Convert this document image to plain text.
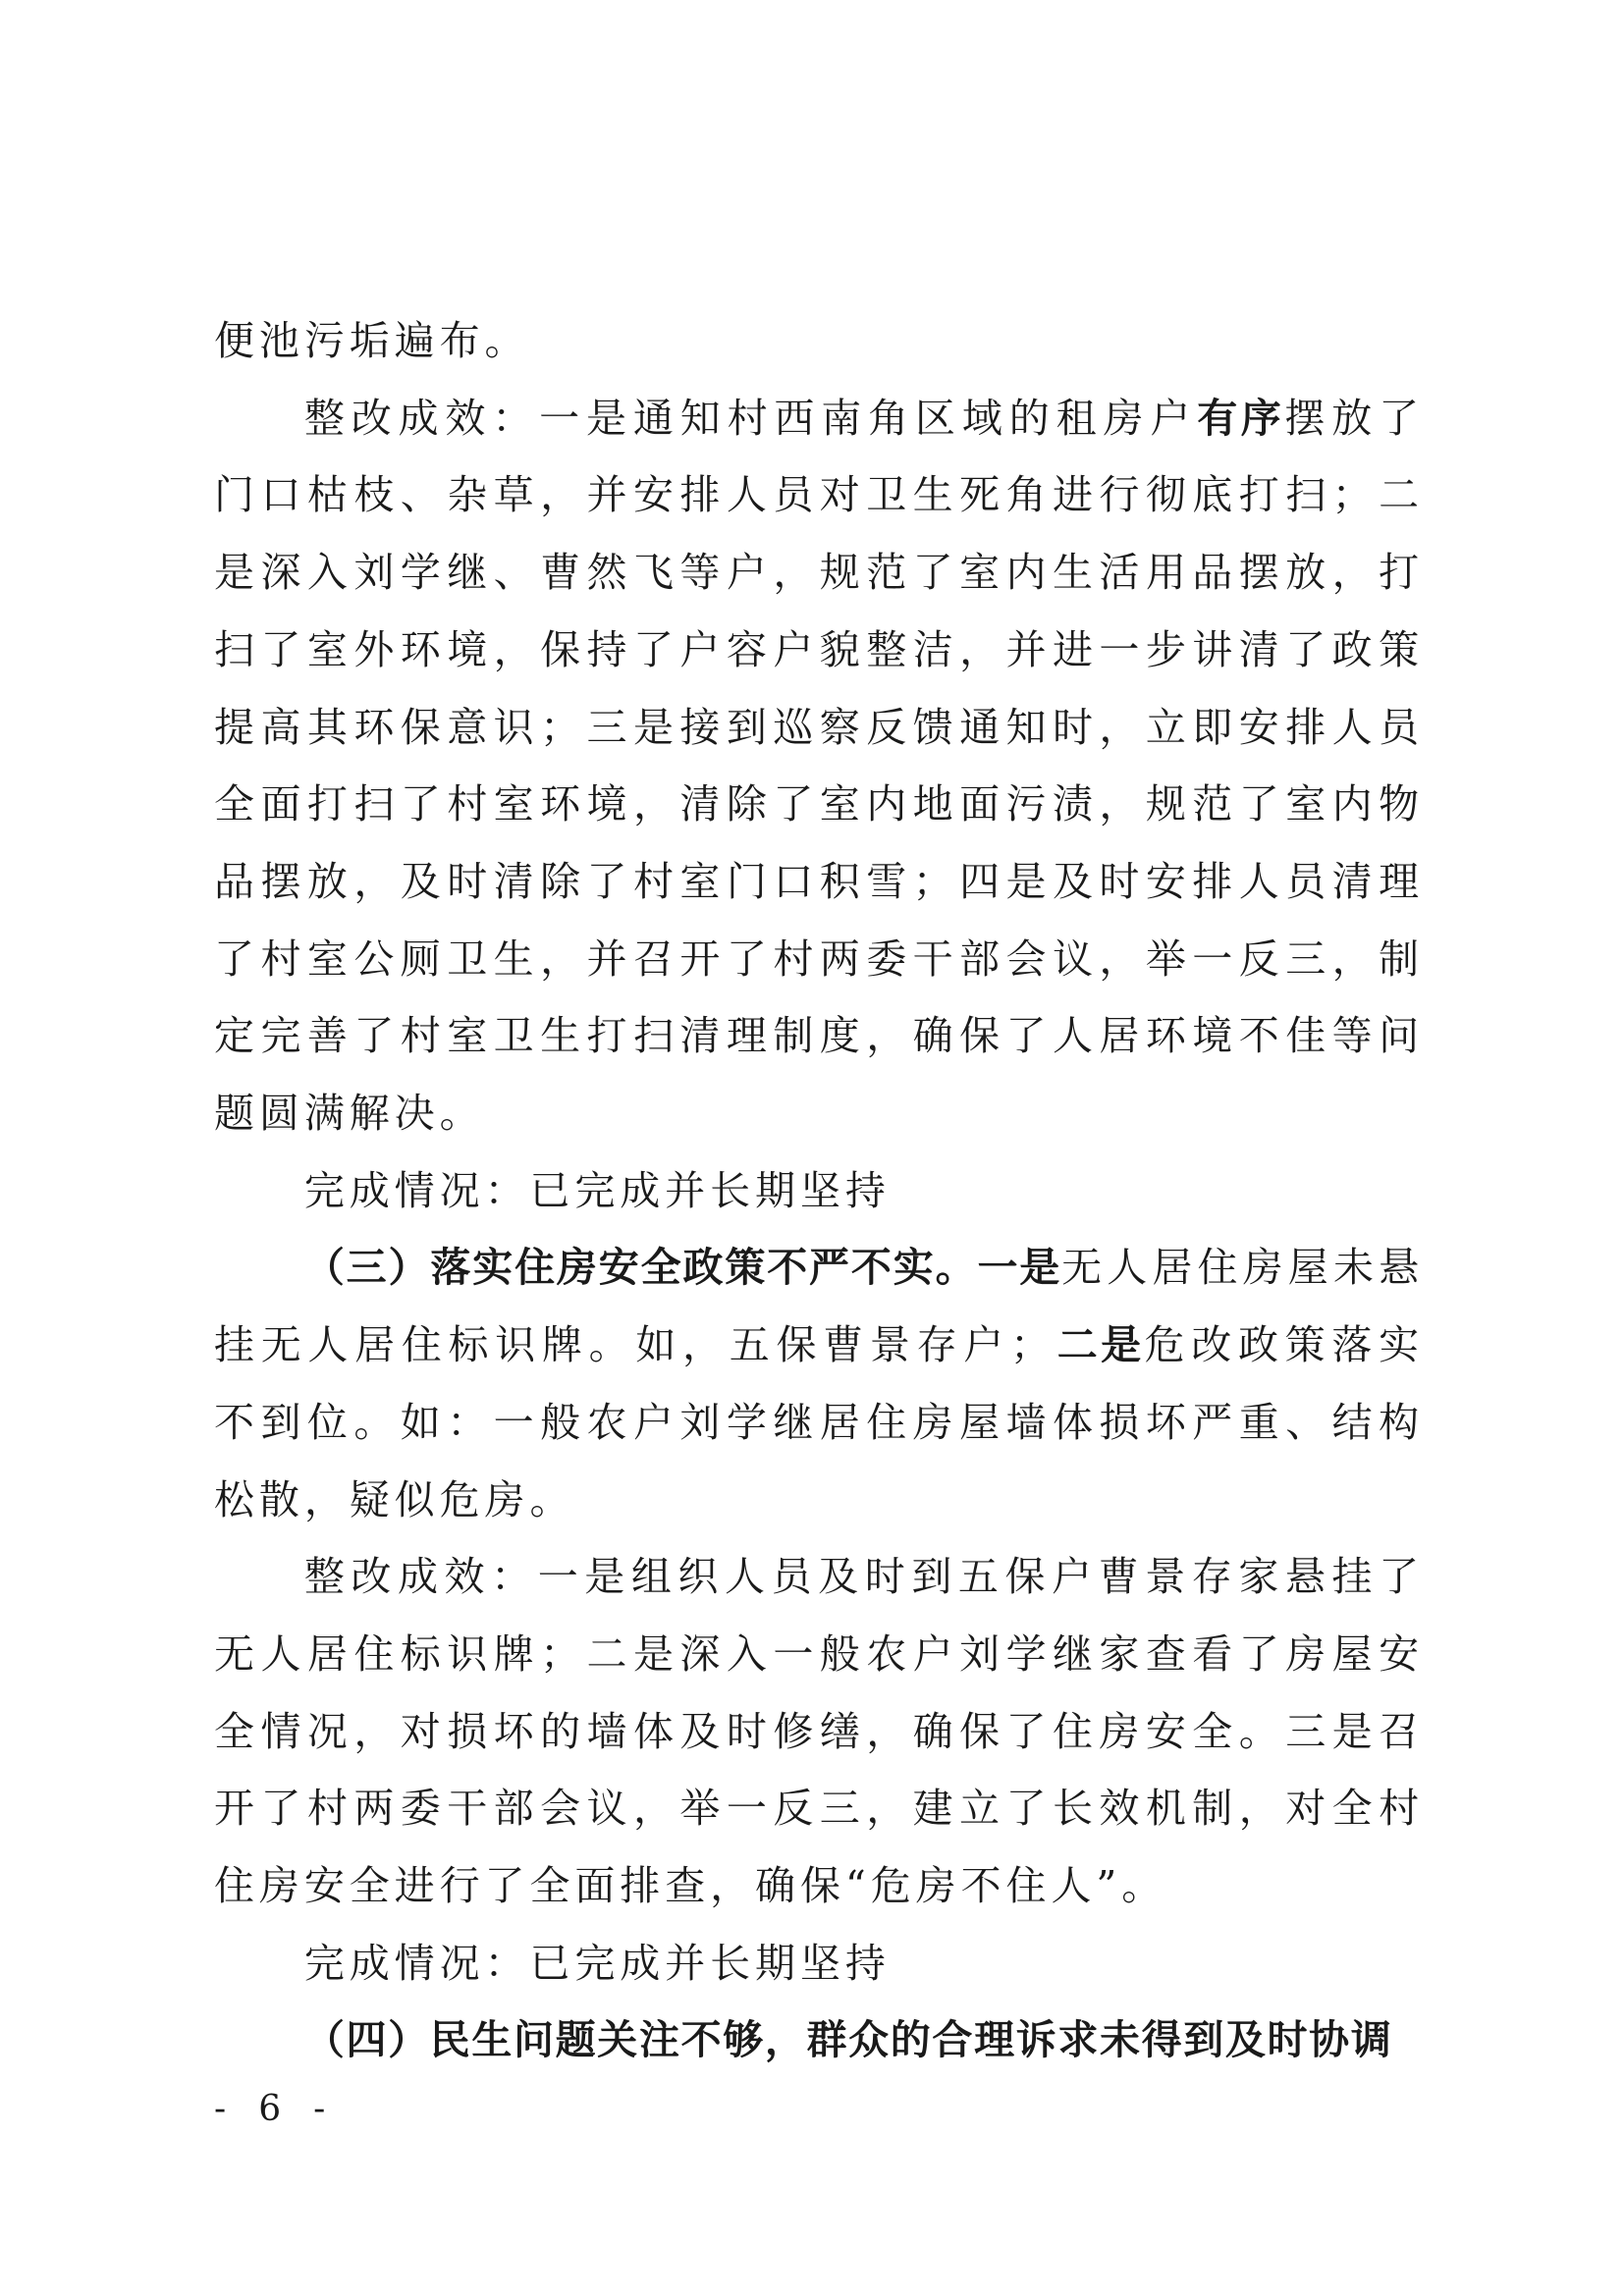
便池污垢遍布。

整改成效：一是通知村西南角区域的租房户有序摆放了门口枯枝、杂草，并安排人员对卫生死角进行彻底打扫；二是深入刘学继、曹然飞等户，规范了室内生活用品摆放，打扫了室外环境，保持了户容户貌整洁，并进一步讲清了政策提高其环保意识；三是接到巡察反馈通知时，立即安排人员全面打扫了村室环境，清除了室内地面污渍，规范了室内物品摆放，及时清除了村室门口积雪；四是及时安排人员清理了村室公厕卫生，并召开了村两委干部会议，举一反三，制定完善了村室卫生打扫清理制度，确保了人居环境不佳等问题圆满解决。

完成情况：已完成并长期坚持

（三）落实住房安全政策不严不实。一是无人居住房屋未悬挂无人居住标识牌。如，五保曹景存户；二是危改政策落实不到位。如：一般农户刘学继居住房屋墙体损坏严重、结构松散，疑似危房。

整改成效：一是组织人员及时到五保户曹景存家悬挂了无人居住标识牌；二是深入一般农户刘学继家查看了房屋安全情况，对损坏的墙体及时修缮，确保了住房安全。三是召开了村两委干部会议，举一反三，建立了长效机制，对全村住房安全进行了全面排查，确保“危房不住人”。

完成情况：已完成并长期坚持

（四）民生问题关注不够，群众的合理诉求未得到及时协调

- 6 -
